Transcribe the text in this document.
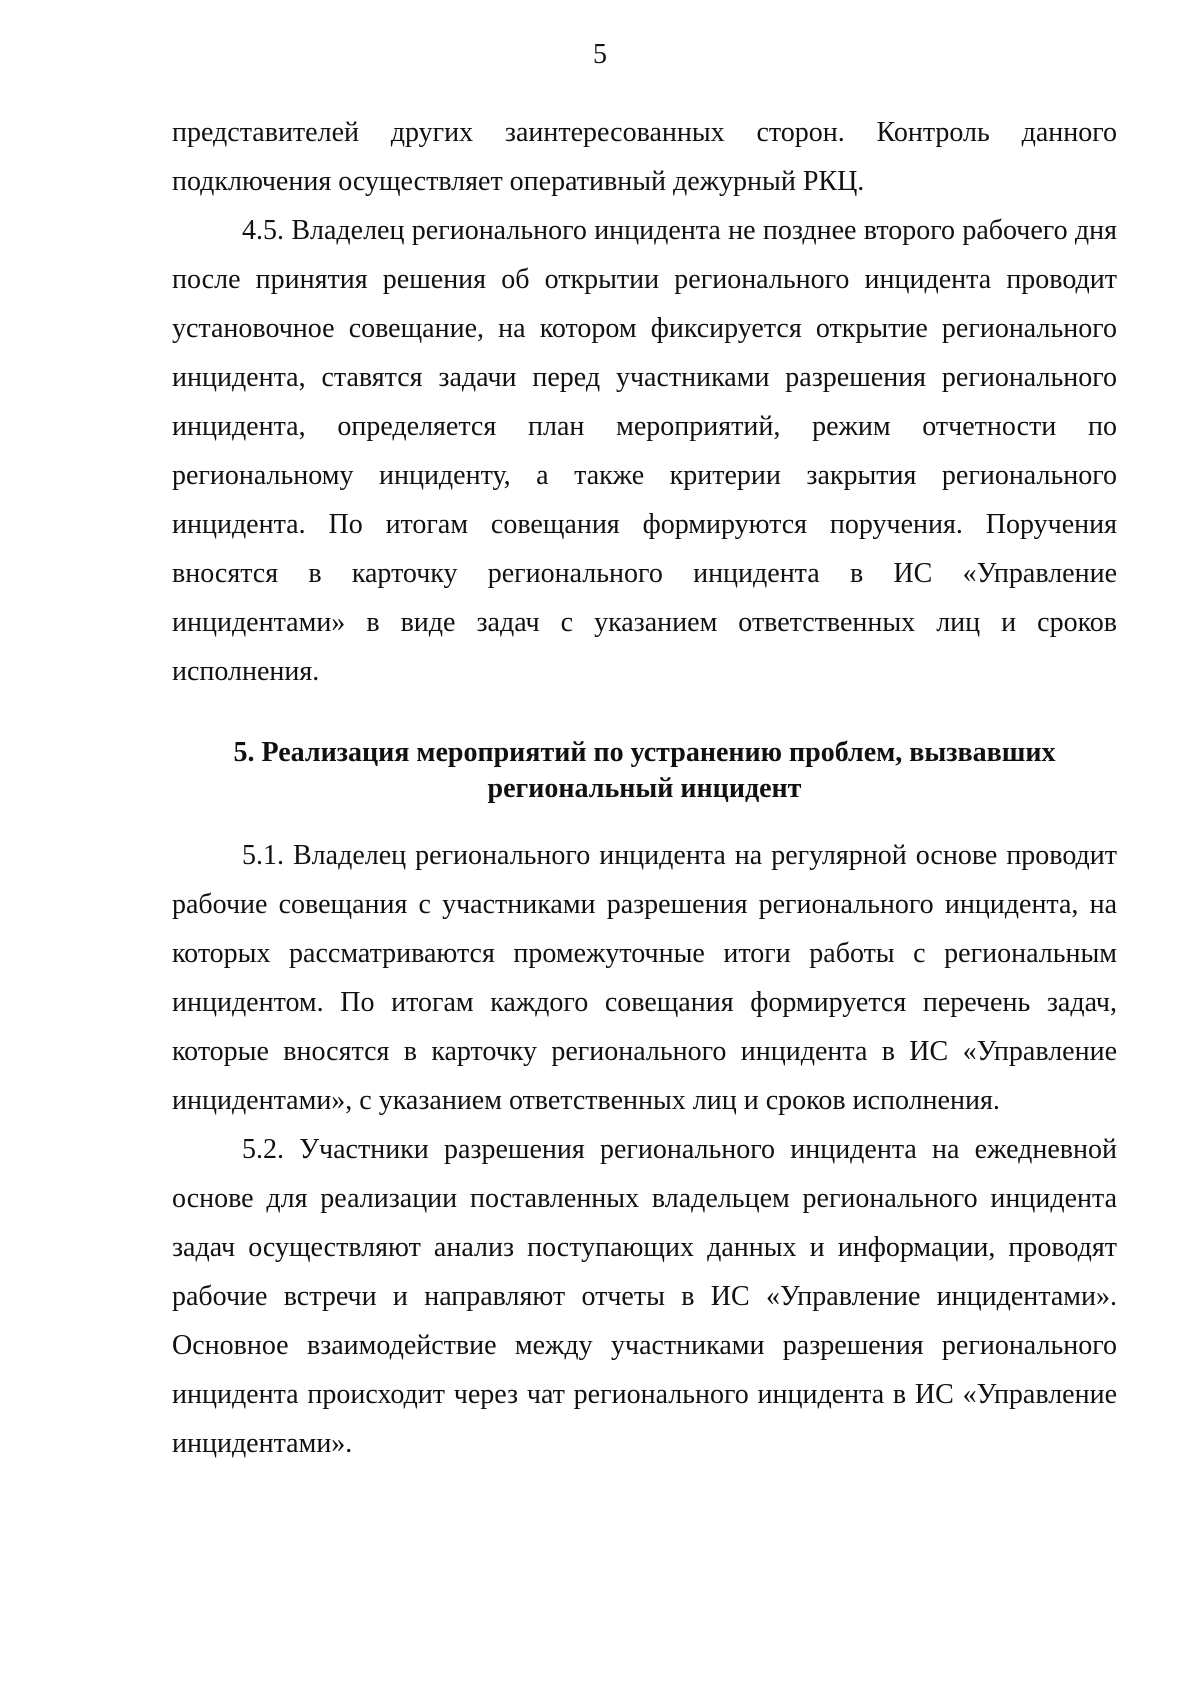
5

представителей других заинтересованных сторон. Контроль данного подключения осуществляет оперативный дежурный РКЦ.

4.5. Владелец регионального инцидента не позднее второго рабочего дня после принятия решения об открытии регионального инцидента проводит установочное совещание, на котором фиксируется открытие регионального инцидента, ставятся задачи перед участниками разрешения регионального инцидента, определяется план мероприятий, режим отчетности по региональному инциденту, а также критерии закрытия регионального инцидента. По итогам совещания формируются поручения. Поручения вносятся в карточку регионального инцидента в ИС «Управление инцидентами» в виде задач с указанием ответственных лиц и сроков исполнения.

5. Реализация мероприятий по устранению проблем, вызвавших
региональный инцидент

5.1. Владелец регионального инцидента на регулярной основе проводит рабочие совещания с участниками разрешения регионального инцидента, на которых рассматриваются промежуточные итоги работы с региональным инцидентом. По итогам каждого совещания формируется перечень задач, которые вносятся в карточку регионального инцидента в ИС «Управление инцидентами», с указанием ответственных лиц и сроков исполнения.

5.2. Участники разрешения регионального инцидента на ежедневной основе для реализации поставленных владельцем регионального инцидента задач осуществляют анализ поступающих данных и информации, проводят рабочие встречи и направляют отчеты в ИС «Управление инцидентами». Основное взаимодействие между участниками разрешения регионального инцидента происходит через чат регионального инцидента в ИС «Управление инцидентами».
